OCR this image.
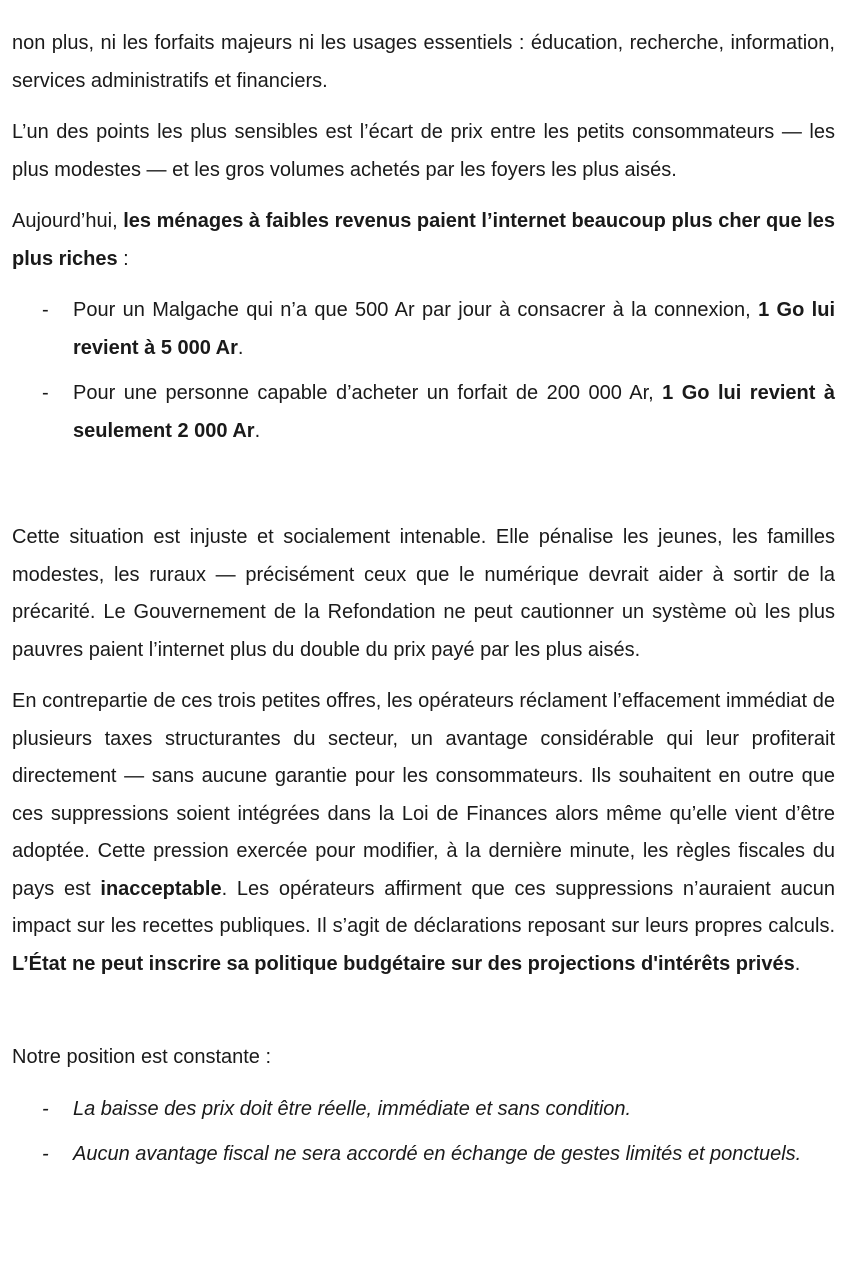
non plus, ni les forfaits majeurs ni les usages essentiels : éducation, recherche, information, services administratifs et financiers.

L’un des points les plus sensibles est l’écart de prix entre les petits consommateurs — les plus modestes — et les gros volumes achetés par les foyers les plus aisés.

Aujourd’hui, les ménages à faibles revenus paient l’internet beaucoup plus cher que les plus riches :

-	Pour un Malgache qui n’a que 500 Ar par jour à consacrer à la connexion, 1 Go lui revient à 5 000 Ar.

-	Pour une personne capable d’acheter un forfait de 200 000 Ar, 1 Go lui revient à seulement 2 000 Ar.

Cette situation est injuste et socialement intenable. Elle pénalise les jeunes, les familles modestes, les ruraux — précisément ceux que le numérique devrait aider à sortir de la précarité. Le Gouvernement de la Refondation ne peut cautionner un système où les plus pauvres paient l’internet plus du double du prix payé par les plus aisés.

En contrepartie de ces trois petites offres, les opérateurs réclament l’effacement immédiat de plusieurs taxes structurantes du secteur, un avantage considérable qui leur profiterait directement — sans aucune garantie pour les consommateurs. Ils souhaitent en outre que ces suppressions soient intégrées dans la Loi de Finances alors même qu’elle vient d’être adoptée. Cette pression exercée pour modifier, à la dernière minute, les règles fiscales du pays est inacceptable. Les opérateurs affirment que ces suppressions n’auraient aucun impact sur les recettes publiques. Il s’agit de déclarations reposant sur leurs propres calculs. L’État ne peut inscrire sa politique budgétaire sur des projections d'intérêts privés.

Notre position est constante :

-	La baisse des prix doit être réelle, immédiate et sans condition.

-	Aucun avantage fiscal ne sera accordé en échange de gestes limités et ponctuels.
